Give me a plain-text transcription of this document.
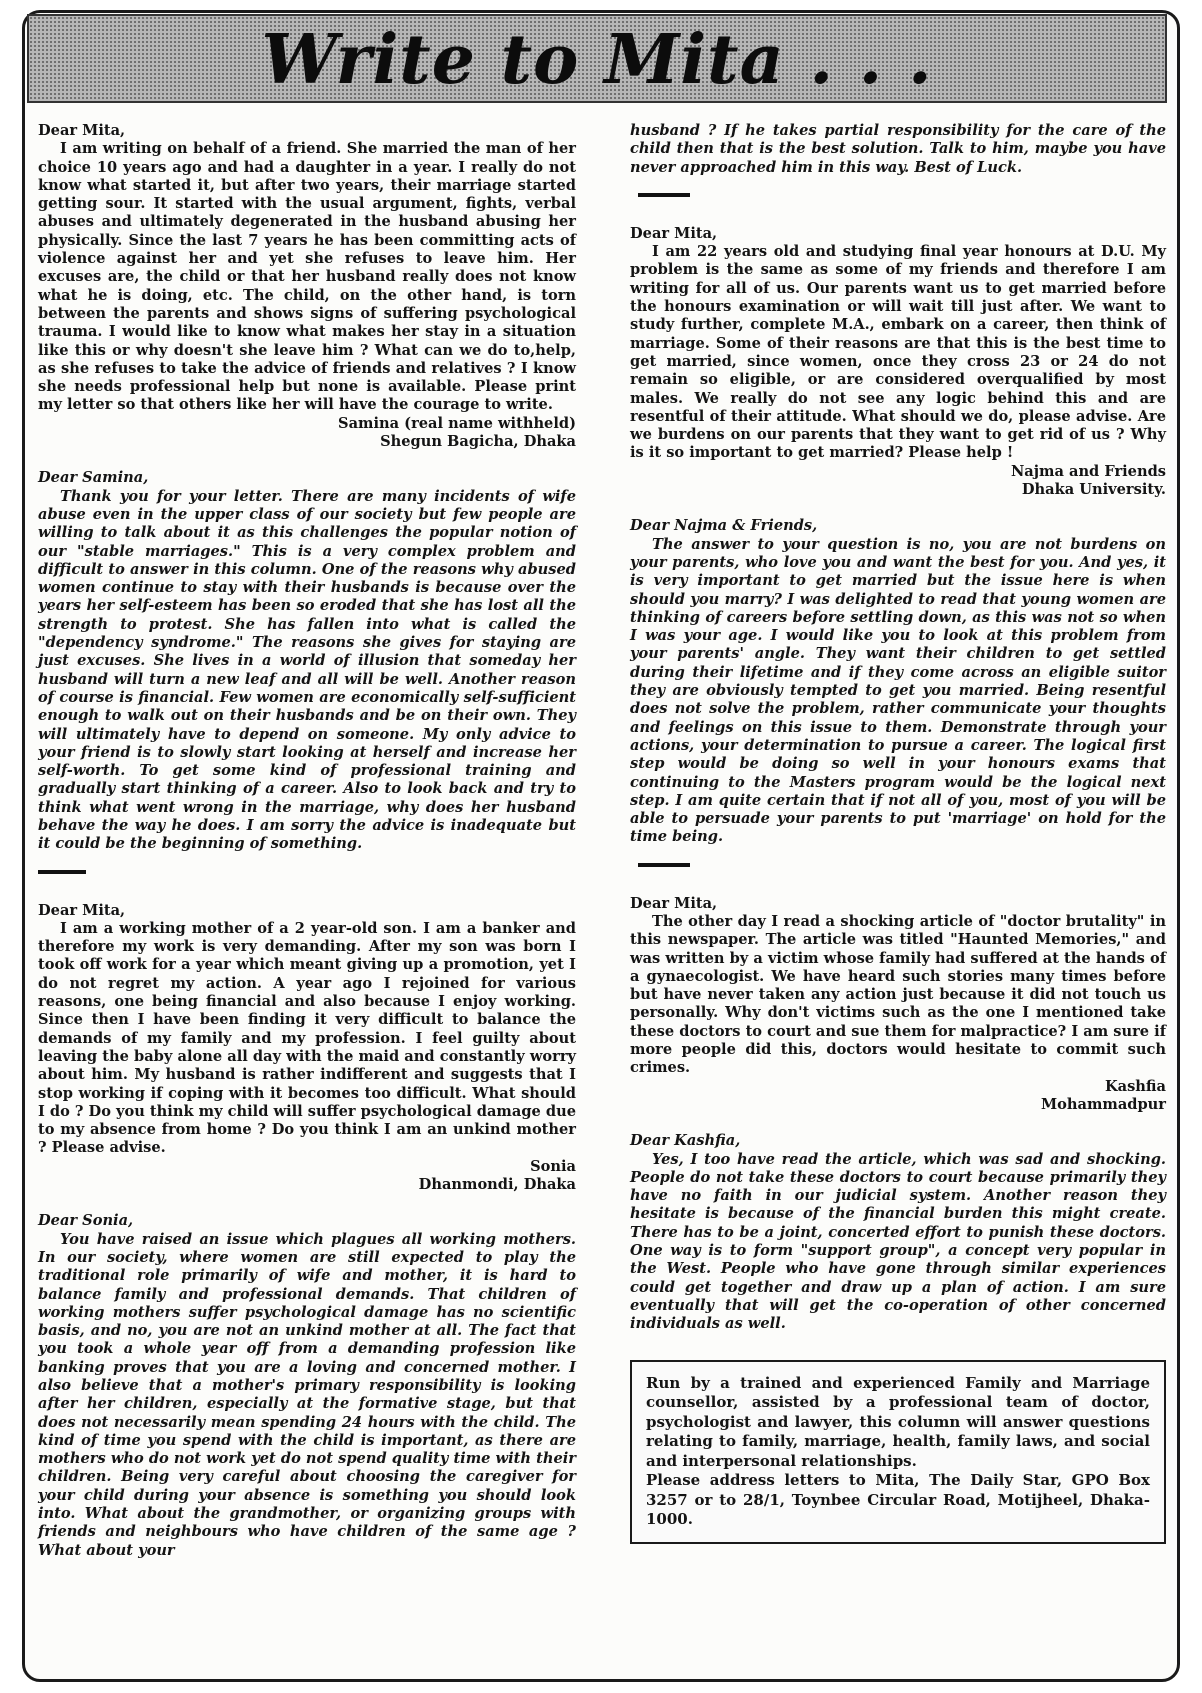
Write to Mita . . .

Dear Mita,

I am writing on behalf of a friend. She married the man of her choice 10 years ago and had a daughter in a year. I really do not know what started it, but after two years, their marriage started getting sour. It started with the usual argument, fights, verbal abuses and ultimately degenerated in the husband abusing her physically. Since the last 7 years he has been committing acts of violence against her and yet she refuses to leave him. Her excuses are, the child or that her husband really does not know what he is doing, etc. The child, on the other hand, is torn between the parents and shows signs of suffering psychological trauma. I would like to know what makes her stay in a situation like this or why doesn't she leave him ? What can we do to,help, as she refuses to take the advice of friends and relatives ? I know she needs professional help but none is available. Please print my letter so that others like her will have the courage to write.

Samina (real name withheld)

Shegun Bagicha, Dhaka

Dear Samina,

Thank you for your letter. There are many incidents of wife abuse even in the upper class of our society but few people are willing to talk about it as this challenges the popular notion of our "stable marriages." This is a very complex problem and difficult to answer in this column. One of the reasons why abused women continue to stay with their husbands is because over the years her self-esteem has been so eroded that she has lost all the strength to protest. She has fallen into what is called the "dependency syndrome." The reasons she gives for staying are just excuses. She lives in a world of illusion that someday her husband will turn a new leaf and all will be well. Another reason of course is financial. Few women are economically self-sufficient enough to walk out on their husbands and be on their own. They will ultimately have to depend on someone. My only advice to your friend is to slowly start looking at herself and increase her self-worth. To get some kind of professional training and gradually start thinking of a career. Also to look back and try to think what went wrong in the marriage, why does her husband behave the way he does. I am sorry the advice is inadequate but it could be the beginning of something.

Dear Mita,

I am a working mother of a 2 year-old son. I am a banker and therefore my work is very demanding. After my son was born I took off work for a year which meant giving up a promotion, yet I do not regret my action. A year ago I rejoined for various reasons, one being financial and also because I enjoy working. Since then I have been finding it very difficult to balance the demands of my family and my profession. I feel guilty about leaving the baby alone all day with the maid and constantly worry about him. My husband is rather indifferent and suggests that I stop working if coping with it becomes too difficult. What should I do ? Do you think my child will suffer psychological damage due to my absence from home ? Do you think I am an unkind mother ? Please advise.

Sonia

Dhanmondi, Dhaka

Dear Sonia,

You have raised an issue which plagues all working mothers. In our society, where women are still expected to play the traditional role primarily of wife and mother, it is hard to balance family and professional demands. That children of working mothers suffer psychological damage has no scientific basis, and no, you are not an unkind mother at all. The fact that you took a whole year off from a demanding profession like banking proves that you are a loving and concerned mother. I also believe that a mother's primary responsibility is looking after her children, especially at the formative stage, but that does not necessarily mean spending 24 hours with the child. The kind of time you spend with the child is important, as there are mothers who do not work yet do not spend quality time with their children. Being very careful about choosing the caregiver for your child during your absence is something you should look into. What about the grandmother, or organizing groups with friends and neighbours who have children of the same age ? What about your

husband ? If he takes partial responsibility for the care of the child then that is the best solution. Talk to him, maybe you have never approached him in this way. Best of Luck.

Dear Mita,

I am 22 years old and studying final year honours at D.U. My problem is the same as some of my friends and therefore I am writing for all of us. Our parents want us to get married before the honours examination or will wait till just after. We want to study further, complete M.A., embark on a career, then think of marriage. Some of their reasons are that this is the best time to get married, since women, once they cross 23 or 24 do not remain so eligible, or are considered overqualified by most males. We really do not see any logic behind this and are resentful of their attitude. What should we do, please advise. Are we burdens on our parents that they want to get rid of us ? Why is it so important to get married? Please help !

Najma and Friends

Dhaka University.

Dear Najma & Friends,

The answer to your question is no, you are not burdens on your parents, who love you and want the best for you. And yes, it is very important to get married but the issue here is when should you marry? I was delighted to read that young women are thinking of careers before settling down, as this was not so when I was your age. I would like you to look at this problem from your parents' angle. They want their children to get settled during their lifetime and if they come across an eligible suitor they are obviously tempted to get you married. Being resentful does not solve the problem, rather communicate your thoughts and feelings on this issue to them. Demonstrate through your actions, your determination to pursue a career. The logical first step would be doing so well in your honours exams that continuing to the Masters program would be the logical next step. I am quite certain that if not all of you, most of you will be able to persuade your parents to put 'marriage' on hold for the time being.

Dear Mita,

The other day I read a shocking article of "doctor brutality" in this newspaper. The article was titled "Haunted Memories," and was written by a victim whose family had suffered at the hands of a gynaecologist. We have heard such stories many times before but have never taken any action just because it did not touch us personally. Why don't victims such as the one I mentioned take these doctors to court and sue them for malpractice? I am sure if more people did this, doctors would hesitate to commit such crimes.

Kashfia

Mohammadpur

Dear Kashfia,

Yes, I too have read the article, which was sad and shocking. People do not take these doctors to court because primarily they have no faith in our judicial system. Another reason they hesitate is because of the financial burden this might create. There has to be a joint, concerted effort to punish these doctors. One way is to form "support group", a concept very popular in the West. People who have gone through similar experiences could get together and draw up a plan of action. I am sure eventually that will get the co-operation of other concerned individuals as well.

Run by a trained and experienced Family and Marriage counsellor, assisted by a professional team of doctor, psychologist and lawyer, this column will answer questions relating to family, marriage, health, family laws, and social and interpersonal relationships.

Please address letters to Mita, The Daily Star, GPO Box 3257 or to 28/1, Toynbee Circular Road, Motijheel, Dhaka-1000.
